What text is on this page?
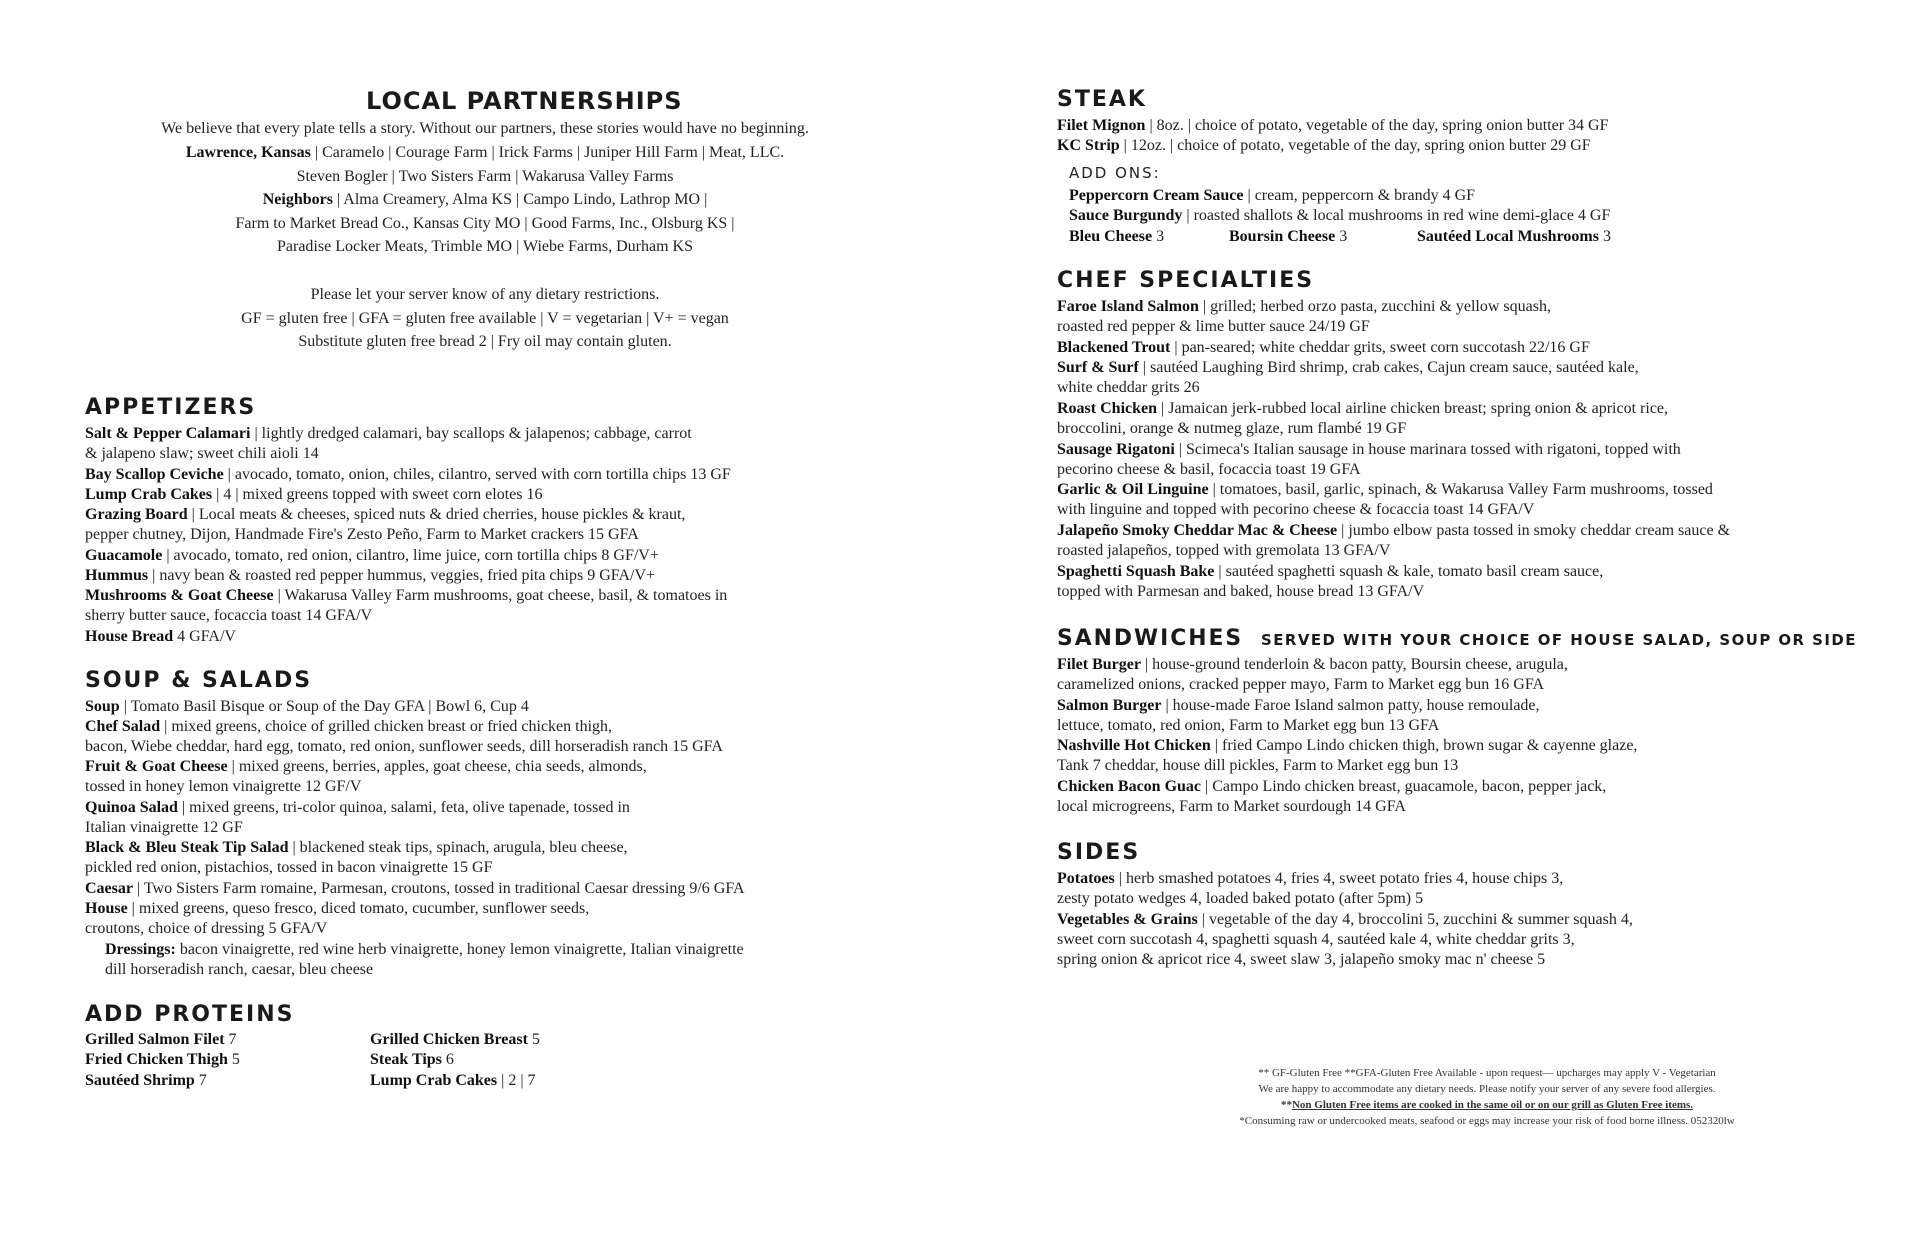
LOCAL PARTNERSHIPS
We believe that every plate tells a story. Without our partners, these stories would have no beginning.
Lawrence, Kansas | Caramelo | Courage Farm | Irick Farms | Juniper Hill Farm | Meat, LLC.
Steven Bogler | Two Sisters Farm | Wakarusa Valley Farms
Neighbors | Alma Creamery, Alma KS | Campo Lindo, Lathrop MO |
Farm to Market Bread Co., Kansas City MO | Good Farms, Inc., Olsburg KS |
Paradise Locker Meats, Trimble MO | Wiebe Farms, Durham KS
Please let your server know of any dietary restrictions.
GF = gluten free | GFA = gluten free available | V = vegetarian | V+ = vegan
Substitute gluten free bread 2 | Fry oil may contain gluten.
APPETIZERS
Salt & Pepper Calamari | lightly dredged calamari, bay scallops & jalapenos; cabbage, carrot
& jalapeno slaw; sweet chili aioli 14
Bay Scallop Ceviche | avocado, tomato, onion, chiles, cilantro, served with corn tortilla chips 13 GF
Lump Crab Cakes | 4 | mixed greens topped with sweet corn elotes 16
Grazing Board | Local meats & cheeses, spiced nuts & dried cherries, house pickles & kraut,
pepper chutney, Dijon, Handmade Fire's Zesto Peño, Farm to Market crackers 15 GFA
Guacamole | avocado, tomato, red onion, cilantro, lime juice, corn tortilla chips 8 GF/V+
Hummus | navy bean & roasted red pepper hummus, veggies, fried pita chips 9 GFA/V+
Mushrooms & Goat Cheese | Wakarusa Valley Farm mushrooms, goat cheese, basil, & tomatoes in
sherry butter sauce, focaccia toast 14 GFA/V
House Bread 4 GFA/V
SOUP & SALADS
Soup | Tomato Basil Bisque or Soup of the Day GFA | Bowl 6, Cup 4
Chef Salad | mixed greens, choice of grilled chicken breast or fried chicken thigh,
bacon, Wiebe cheddar, hard egg, tomato, red onion, sunflower seeds, dill horseradish ranch 15 GFA
Fruit & Goat Cheese | mixed greens, berries, apples, goat cheese, chia seeds, almonds,
tossed in honey lemon vinaigrette 12 GF/V
Quinoa Salad | mixed greens, tri-color quinoa, salami, feta, olive tapenade, tossed in
Italian vinaigrette 12 GF
Black & Bleu Steak Tip Salad | blackened steak tips, spinach, arugula, bleu cheese,
pickled red onion, pistachios, tossed in bacon vinaigrette 15 GF
Caesar | Two Sisters Farm romaine, Parmesan, croutons, tossed in traditional Caesar dressing 9/6 GFA
House | mixed greens, queso fresco, diced tomato, cucumber, sunflower seeds,
croutons, choice of dressing 5 GFA/V
Dressings: bacon vinaigrette, red wine herb vinaigrette, honey lemon vinaigrette, Italian vinaigrette
dill horseradish ranch, caesar, bleu cheese
ADD PROTEINS
Grilled Salmon Filet 7
Fried Chicken Thigh 5
Sautéed Shrimp 7
Grilled Chicken Breast 5
Steak Tips 6
Lump Crab Cakes | 2 | 7
STEAK
Filet Mignon | 8oz. | choice of potato, vegetable of the day, spring onion butter 34 GF
KC Strip | 12oz. | choice of potato, vegetable of the day, spring onion butter 29 GF
ADD ONS:
Peppercorn Cream Sauce | cream, peppercorn & brandy 4 GF
Sauce Burgundy | roasted shallots & local mushrooms in red wine demi-glace 4 GF
Bleu Cheese 3	Boursin Cheese 3	Sautéed Local Mushrooms 3
CHEF SPECIALTIES
Faroe Island Salmon | grilled; herbed orzo pasta, zucchini & yellow squash,
roasted red pepper & lime butter sauce 24/19 GF
Blackened Trout | pan-seared; white cheddar grits, sweet corn succotash 22/16 GF
Surf & Surf | sautéed Laughing Bird shrimp, crab cakes, Cajun cream sauce, sautéed kale,
white cheddar grits 26
Roast Chicken | Jamaican jerk-rubbed local airline chicken breast; spring onion & apricot rice,
broccolini, orange & nutmeg glaze, rum flambé 19 GF
Sausage Rigatoni | Scimeca's Italian sausage in house marinara tossed with rigatoni, topped with
pecorino cheese & basil, focaccia toast 19 GFA
Garlic & Oil Linguine | tomatoes, basil, garlic, spinach, & Wakarusa Valley Farm mushrooms, tossed
with linguine and topped with pecorino cheese & focaccia toast 14 GFA/V
Jalapeño Smoky Cheddar Mac & Cheese | jumbo elbow pasta tossed in smoky cheddar cream sauce &
roasted jalapeños, topped with gremolata 13 GFA/V
Spaghetti Squash Bake | sautéed spaghetti squash & kale, tomato basil cream sauce,
topped with Parmesan and baked, house bread 13 GFA/V
SANDWICHES SERVED WITH YOUR CHOICE OF HOUSE SALAD, SOUP OR SIDE
Filet Burger | house-ground tenderloin & bacon patty, Boursin cheese, arugula,
caramelized onions, cracked pepper mayo, Farm to Market egg bun 16 GFA
Salmon Burger | house-made Faroe Island salmon patty, house remoulade,
lettuce, tomato, red onion, Farm to Market egg bun 13 GFA
Nashville Hot Chicken | fried Campo Lindo chicken thigh, brown sugar & cayenne glaze,
Tank 7 cheddar, house dill pickles, Farm to Market egg bun 13
Chicken Bacon Guac | Campo Lindo chicken breast, guacamole, bacon, pepper jack,
local microgreens, Farm to Market sourdough 14 GFA
SIDES
Potatoes | herb smashed potatoes 4, fries 4, sweet potato fries 4, house chips 3,
zesty potato wedges 4, loaded baked potato (after 5pm) 5
Vegetables & Grains | vegetable of the day 4, broccolini 5, zucchini & summer squash 4,
sweet corn succotash 4, spaghetti squash 4, sautéed kale 4, white cheddar grits 3,
spring onion & apricot rice 4, sweet slaw 3, jalapeño smoky mac n' cheese 5
** GF-Gluten Free **GFA-Gluten Free Available - upon request— upcharges may apply V - Vegetarian
We are happy to accommodate any dietary needs. Please notify your server of any severe food allergies.
**Non Gluten Free items are cooked in the same oil or on our grill as Gluten Free items.
*Consuming raw or undercooked meats, seafood or eggs may increase your risk of food borne illness. 052320lw
